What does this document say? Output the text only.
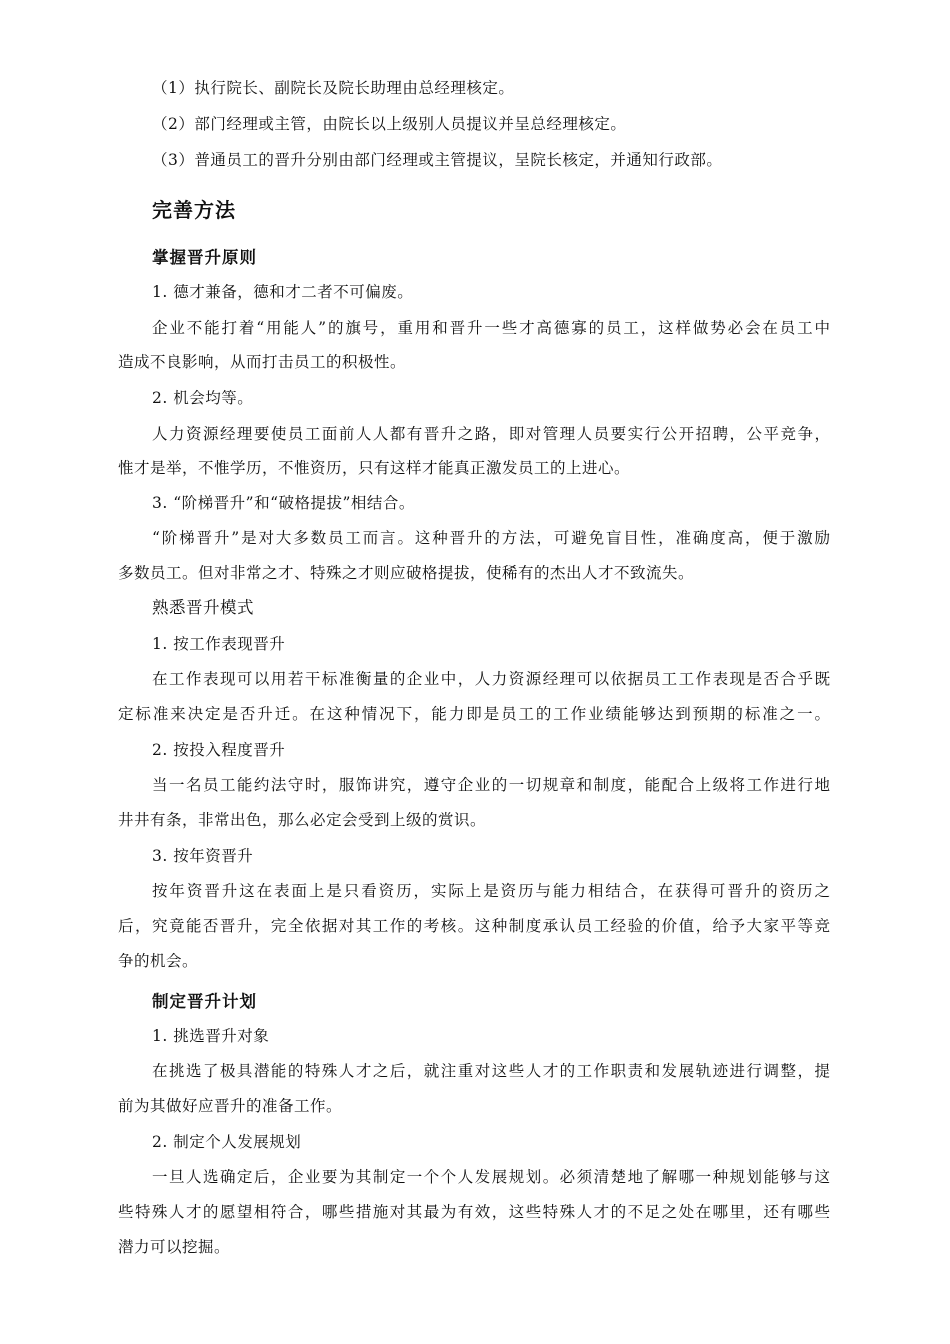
（1）执行院长、副院长及院长助理由总经理核定。
（2）部门经理或主管，由院长以上级别人员提议并呈总经理核定。
（3）普通员工的晋升分别由部门经理或主管提议，呈院长核定，并通知行政部。
完善方法
掌握晋升原则
1. 德才兼备，德和才二者不可偏废。
企业不能打着“用能人”的旗号，重用和晋升一些才高德寡的员工，这样做势必会在员工中
造成不良影响，从而打击员工的积极性。
2. 机会均等。
人力资源经理要使员工面前人人都有晋升之路，即对管理人员要实行公开招聘，公平竞争，
惟才是举，不惟学历，不惟资历，只有这样才能真正激发员工的上进心。
3. “阶梯晋升”和“破格提拔”相结合。
“阶梯晋升”是对大多数员工而言。这种晋升的方法，可避免盲目性，准确度高，便于激励
多数员工。但对非常之才、特殊之才则应破格提拔，使稀有的杰出人才不致流失。
熟悉晋升模式
1. 按工作表现晋升
在工作表现可以用若干标准衡量的企业中，人力资源经理可以依据员工工作表现是否合乎既
定标准来决定是否升迁。在这种情况下，能力即是员工的工作业绩能够达到预期的标准之一。
2. 按投入程度晋升
当一名员工能约法守时，服饰讲究，遵守企业的一切规章和制度，能配合上级将工作进行地
井井有条，非常出色，那么必定会受到上级的赏识。
3. 按年资晋升
按年资晋升这在表面上是只看资历，实际上是资历与能力相结合，在获得可晋升的资历之
后，究竟能否晋升，完全依据对其工作的考核。这种制度承认员工经验的价值，给予大家平等竞
争的机会。
制定晋升计划
1. 挑选晋升对象
在挑选了极具潜能的特殊人才之后，就注重对这些人才的工作职责和发展轨迹进行调整，提
前为其做好应晋升的准备工作。
2. 制定个人发展规划
一旦人选确定后，企业要为其制定一个个人发展规划。必须清楚地了解哪一种规划能够与这
些特殊人才的愿望相符合，哪些措施对其最为有效，这些特殊人才的不足之处在哪里，还有哪些
潜力可以挖掘。
